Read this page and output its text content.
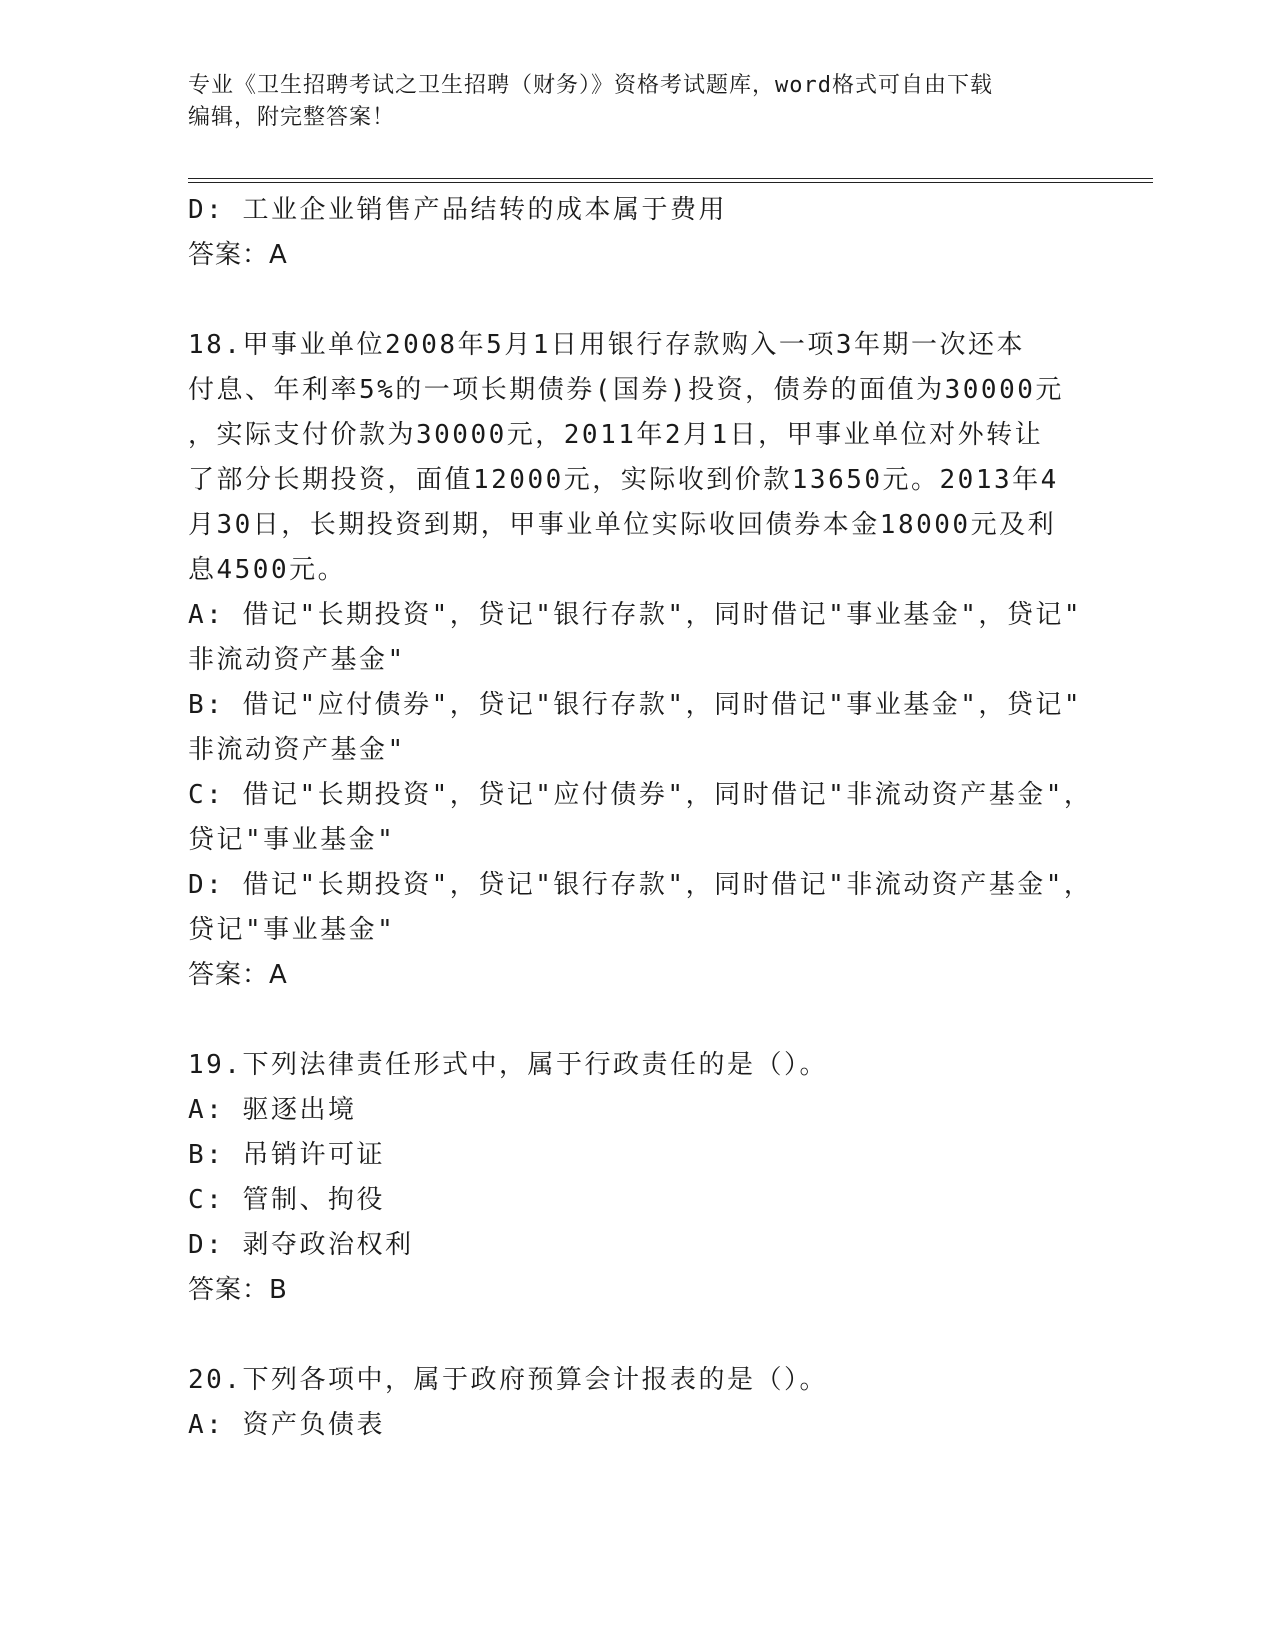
专业《卫生招聘考试之卫生招聘（财务）》资格考试题库，word格式可自由下载
编辑，附完整答案！
D: 工业企业销售产品结转的成本属于费用
答案：A
18.甲事业单位2008年5月1日用银行存款购入一项3年期一次还本
付息、年利率5%的一项长期债券(国券)投资，债券的面值为30000元
，实际支付价款为30000元，2011年2月1日，甲事业单位对外转让
了部分长期投资，面值12000元，实际收到价款13650元。2013年4
月30日，长期投资到期，甲事业单位实际收回债券本金18000元及利
息4500元。
A: 借记"长期投资"，贷记"银行存款"，同时借记"事业基金"，贷记"
非流动资产基金"
B: 借记"应付债券"，贷记"银行存款"，同时借记"事业基金"，贷记"
非流动资产基金"
C: 借记"长期投资"，贷记"应付债券"，同时借记"非流动资产基金"，
贷记"事业基金"
D: 借记"长期投资"，贷记"银行存款"，同时借记"非流动资产基金"，
贷记"事业基金"
答案：A
19.下列法律责任形式中，属于行政责任的是（）。
A: 驱逐出境
B: 吊销许可证
C: 管制、拘役
D: 剥夺政治权利
答案：B
20.下列各项中，属于政府预算会计报表的是（）。
A: 资产负债表
